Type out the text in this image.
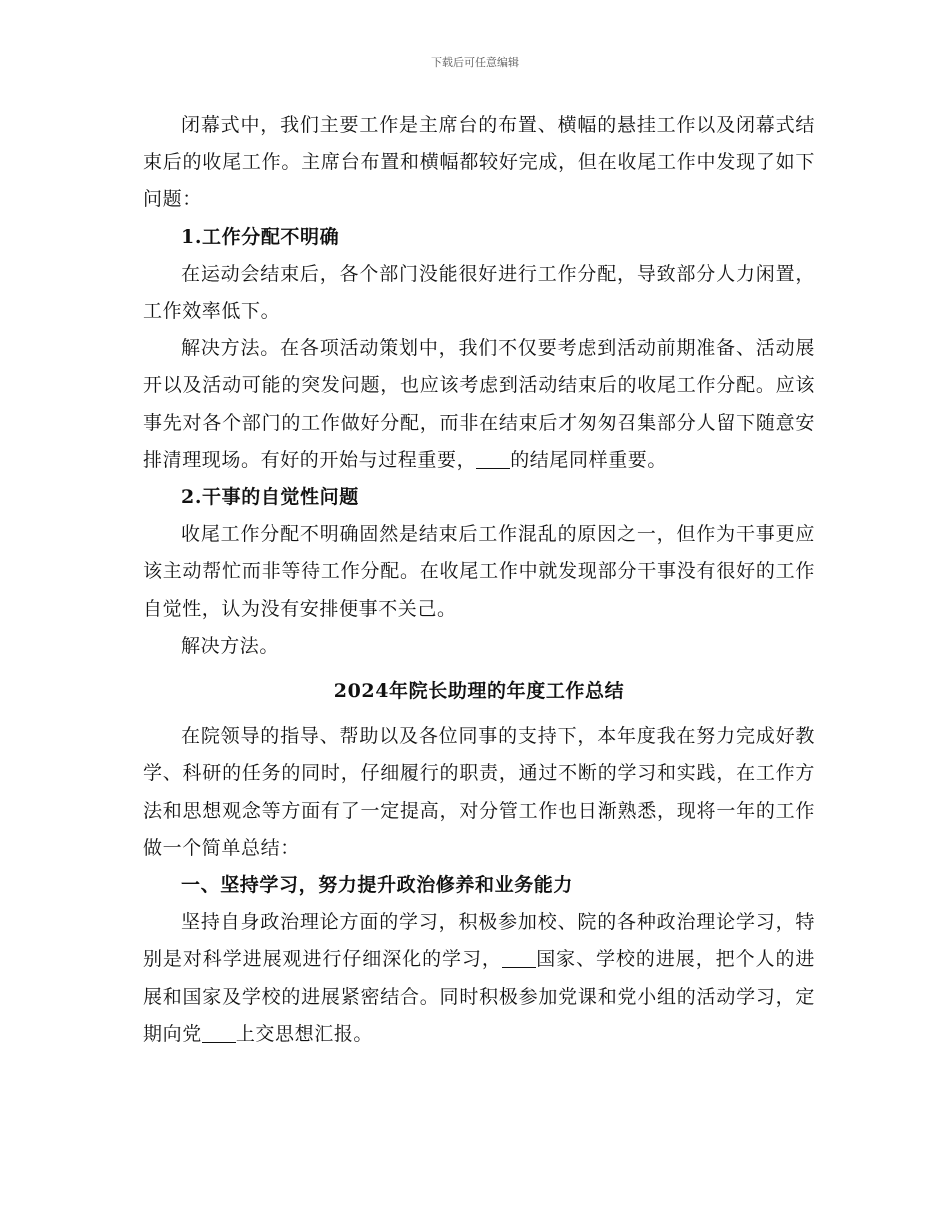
下载后可任意编辑

闭幕式中，我们主要工作是主席台的布置、横幅的悬挂工作以及闭幕式结束后的收尾工作。主席台布置和横幅都较好完成，但在收尾工作中发现了如下问题：

1.工作分配不明确

在运动会结束后，各个部门没能很好进行工作分配，导致部分人力闲置，工作效率低下。

解决方法。在各项活动策划中，我们不仅要考虑到活动前期准备、活动展开以及活动可能的突发问题，也应该考虑到活动结束后的收尾工作分配。应该事先对各个部门的工作做好分配，而非在结束后才匆匆召集部分人留下随意安排清理现场。有好的开始与过程重要， 的结尾同样重要。

2.干事的自觉性问题

收尾工作分配不明确固然是结束后工作混乱的原因之一，但作为干事更应该主动帮忙而非等待工作分配。在收尾工作中就发现部分干事没有很好的工作自觉性，认为没有安排便事不关己。

解决方法。

2024年院长助理的年度工作总结

在院领导的指导、帮助以及各位同事的支持下，本年度我在努力完成好教学、科研的任务的同时，仔细履行的职责，通过不断的学习和实践，在工作方法和思想观念等方面有了一定提高，对分管工作也日渐熟悉，现将一年的工作做一个简单总结：

一、坚持学习，努力提升政治修养和业务能力

坚持自身政治理论方面的学习，积极参加校、院的各种政治理论学习，特别是对科学进展观进行仔细深化的学习， 国家、学校的进展，把个人的进展和国家及学校的进展紧密结合。同时积极参加党课和党小组的活动学习，定期向党 上交思想汇报。
